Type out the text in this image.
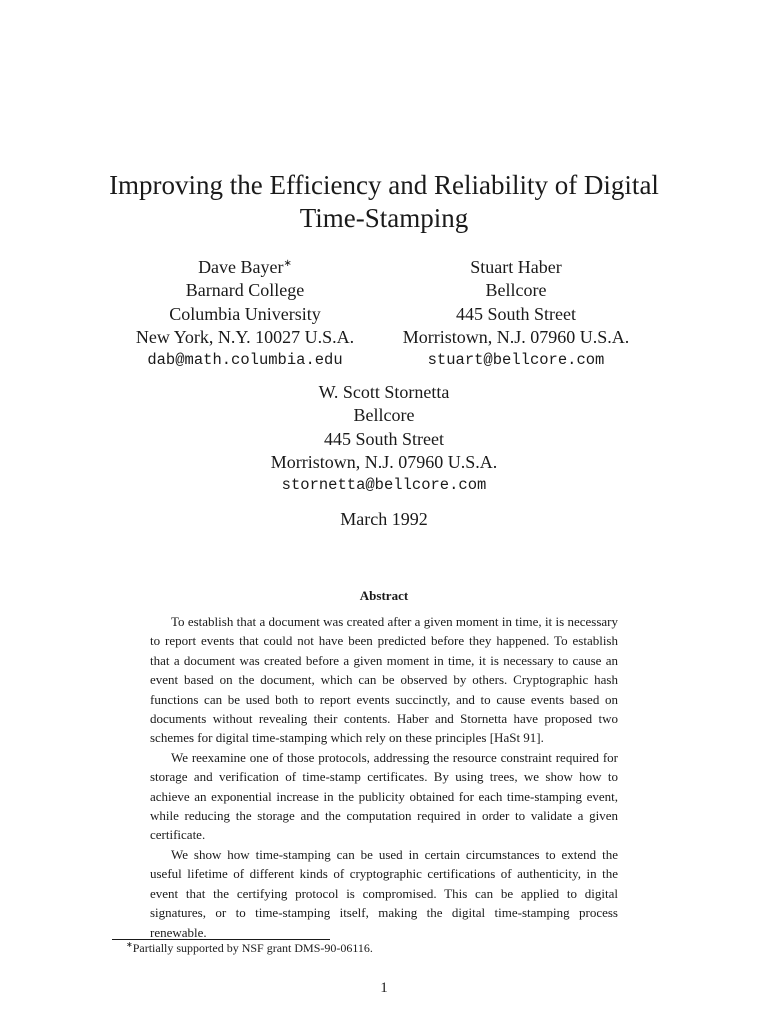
Improving the Efficiency and Reliability of Digital
Time-Stamping
Dave Bayer∗
Barnard College
Columbia University
New York, N.Y. 10027 U.S.A.
dab@math.columbia.edu
Stuart Haber
Bellcore
445 South Street
Morristown, N.J. 07960 U.S.A.
stuart@bellcore.com
W. Scott Stornetta
Bellcore
445 South Street
Morristown, N.J. 07960 U.S.A.
stornetta@bellcore.com
March 1992
Abstract

To establish that a document was created after a given moment in time, it is necessary to report events that could not have been predicted before they happened. To establish that a document was created before a given moment in time, it is necessary to cause an event based on the document, which can be observed by others. Cryptographic hash functions can be used both to report events succinctly, and to cause events based on documents without revealing their contents. Haber and Stornetta have proposed two schemes for digital time-stamping which rely on these principles [HaSt 91].

We reexamine one of those protocols, addressing the resource constraint required for storage and verification of time-stamp certificates. By using trees, we show how to achieve an exponential increase in the publicity obtained for each time-stamping event, while reducing the storage and the computation required in order to validate a given certificate.

We show how time-stamping can be used in certain circumstances to extend the useful lifetime of different kinds of cryptographic certifications of authenticity, in the event that the certifying protocol is compromised. This can be applied to digital signatures, or to time-stamping itself, making the digital time-stamping process renewable.

∗Partially supported by NSF grant DMS-90-06116.
1
